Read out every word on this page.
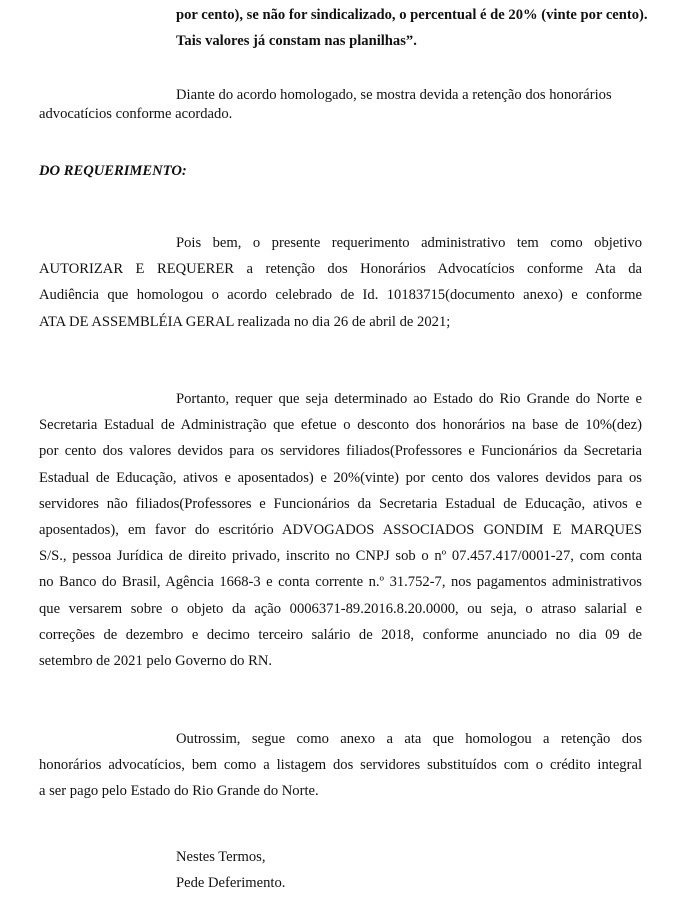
por cento), se não for sindicalizado, o percentual é de 20% (vinte por cento).
Tais valores já constam nas planilhas”.
Diante do acordo homologado, se mostra devida a retenção dos honorários
advocatícios conforme acordado.
DO REQUERIMENTO:
Pois bem, o presente requerimento administrativo tem como objetivo
AUTORIZAR E REQUERER a retenção dos Honorários Advocatícios conforme Ata da
Audiência que homologou o acordo celebrado de Id. 10183715(documento anexo) e conforme
ATA DE ASSEMBLÉIA GERAL realizada no dia 26 de abril de 2021;
Portanto, requer que seja determinado ao Estado do Rio Grande do Norte e
Secretaria Estadual de Administração que efetue o desconto dos honorários na base de 10%(dez)
por cento dos valores devidos para os servidores filiados(Professores e Funcionários da Secretaria
Estadual de Educação, ativos e aposentados) e 20%(vinte) por cento dos valores devidos para os
servidores não filiados(Professores e Funcionários da Secretaria Estadual de Educação, ativos e
aposentados), em favor do escritório ADVOGADOS ASSOCIADOS GONDIM E MARQUES
S/S., pessoa Jurídica de direito privado, inscrito no CNPJ sob o nº 07.457.417/0001-27, com conta
no Banco do Brasil, Agência 1668-3 e conta corrente n.º 31.752-7, nos pagamentos administrativos
que versarem sobre o objeto da ação 0006371-89.2016.8.20.0000, ou seja, o atraso salarial e
correções de dezembro e decimo terceiro salário de 2018, conforme anunciado no dia 09 de
setembro de 2021 pelo Governo do RN.
Outrossim, segue como anexo a ata que homologou a retenção dos
honorários advocatícios, bem como a listagem dos servidores substituídos com o crédito integral
a ser pago pelo Estado do Rio Grande do Norte.
Nestes Termos,
Pede Deferimento.
